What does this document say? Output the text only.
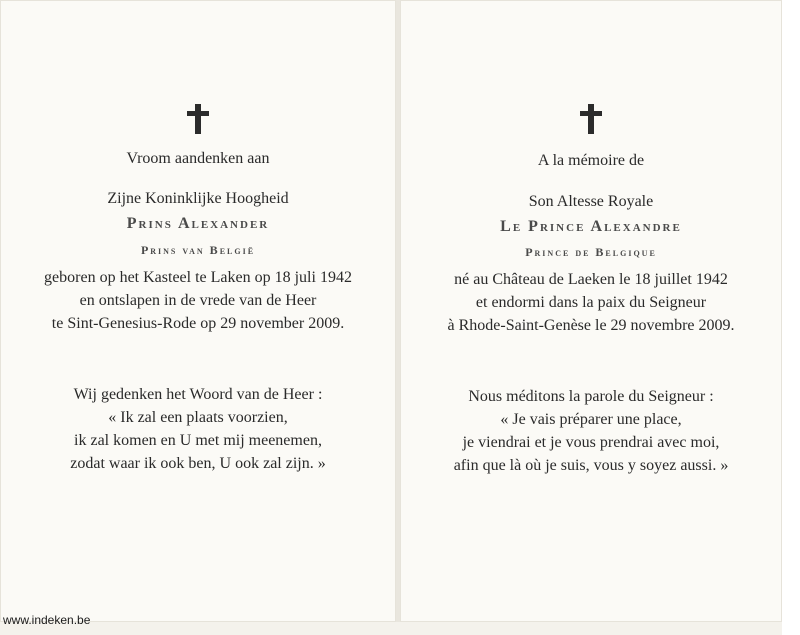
Vroom aandenken aan
Zijne Koninklijke Hoogheid
Prins Alexander
Prins van België
geboren op het Kasteel te Laken op 18 juli 1942
en ontslapen in de vrede van de Heer
te Sint-Genesius-Rode op 29 november 2009.
Wij gedenken het Woord van de Heer :
« Ik zal een plaats voorzien,
ik zal komen en U met mij meenemen,
zodat waar ik ook ben, U ook zal zijn. »
A la mémoire de
Son Altesse Royale
Le Prince Alexandre
Prince de Belgique
né au Château de Laeken le 18 juillet 1942
et endormi dans la paix du Seigneur
à Rhode-Saint-Genèse le 29 novembre 2009.
Nous méditons la parole du Seigneur :
« Je vais préparer une place,
je viendrai et je vous prendrai avec moi,
afin que là où je suis, vous y soyez aussi. »
www.indeken.be
